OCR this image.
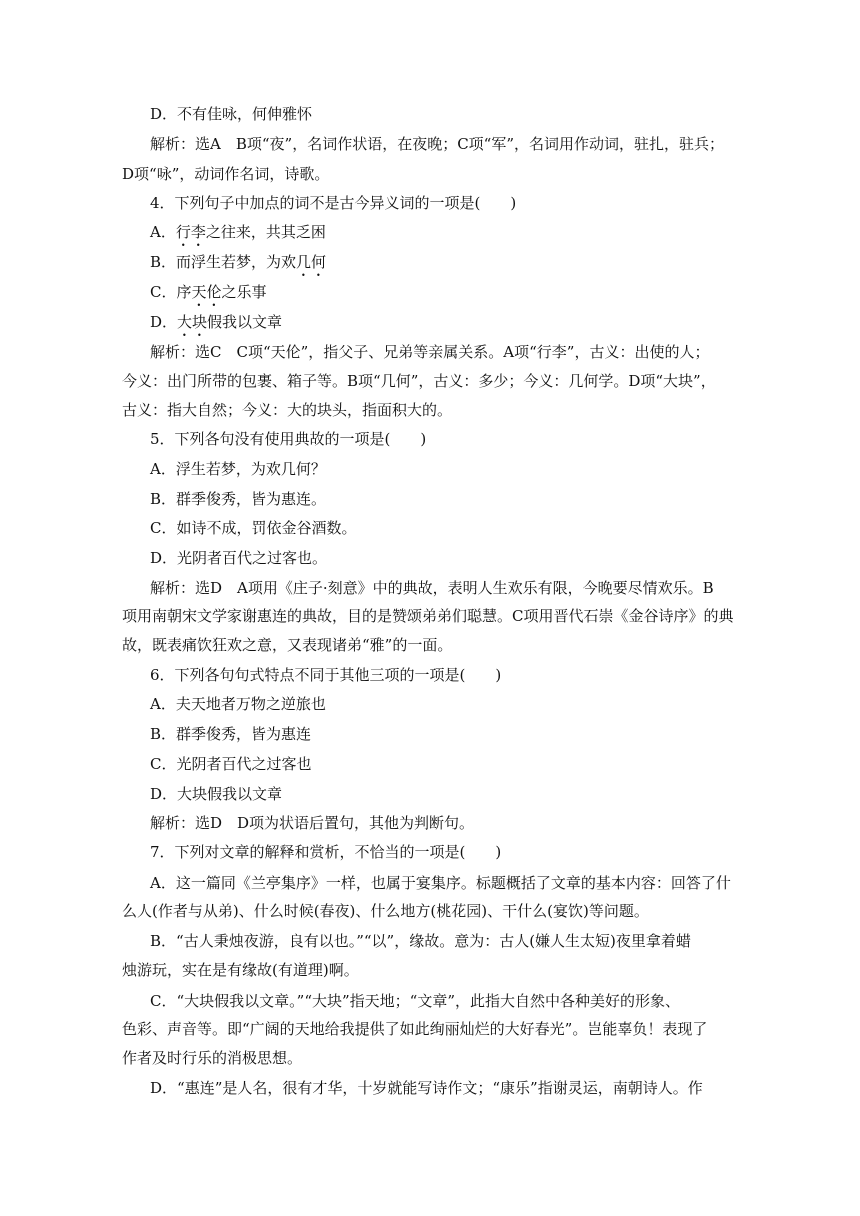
D．不有佳咏，何伸雅怀
解析：选A　B项“夜”，名词作状语，在夜晚；C项“军”，名词用作动词，驻扎，驻兵；
D项“咏”，动词作名词，诗歌。
4．下列句子中加点的词不是古今异义词的一项是(　　)
A．行李之往来，共其乏困
B．而浮生若梦，为欢几何
C．序天伦之乐事
D．大块假我以文章
解析：选C　C项“天伦”，指父子、兄弟等亲属关系。A项“行李”，古义：出使的人；
今义：出门所带的包裹、箱子等。B项“几何”，古义：多少；今义：几何学。D项“大块”，
古义：指大自然；今义：大的块头，指面积大的。
5．下列各句没有使用典故的一项是(　　)
A．浮生若梦，为欢几何？
B．群季俊秀，皆为惠连。
C．如诗不成，罚依金谷酒数。
D．光阴者百代之过客也。
解析：选D　A项用《庄子·刻意》中的典故，表明人生欢乐有限，今晚要尽情欢乐。B
项用南朝宋文学家谢惠连的典故，目的是赞颂弟弟们聪慧。C项用晋代石崇《金谷诗序》的典
故，既表痛饮狂欢之意，又表现诸弟“雅”的一面。
6．下列各句句式特点不同于其他三项的一项是(　　)
A．夫天地者万物之逆旅也
B．群季俊秀，皆为惠连
C．光阴者百代之过客也
D．大块假我以文章
解析：选D　D项为状语后置句，其他为判断句。
7．下列对文章的解释和赏析，不恰当的一项是(　　)
A．这一篇同《兰亭集序》一样，也属于宴集序。标题概括了文章的基本内容：回答了什
么人(作者与从弟)、什么时候(春夜)、什么地方(桃花园)、干什么(宴饮)等问题。
B．“古人秉烛夜游，良有以也。”“以”，缘故。意为：古人(嫌人生太短)夜里拿着蜡
烛游玩，实在是有缘故(有道理)啊。
C．“大块假我以文章。”“大块”指天地；“文章”，此指大自然中各种美好的形象、
色彩、声音等。即“广阔的天地给我提供了如此绚丽灿烂的大好春光”。岂能辜负！表现了
作者及时行乐的消极思想。
D．“惠连”是人名，很有才华，十岁就能写诗作文；“康乐”指谢灵运，南朝诗人。作
